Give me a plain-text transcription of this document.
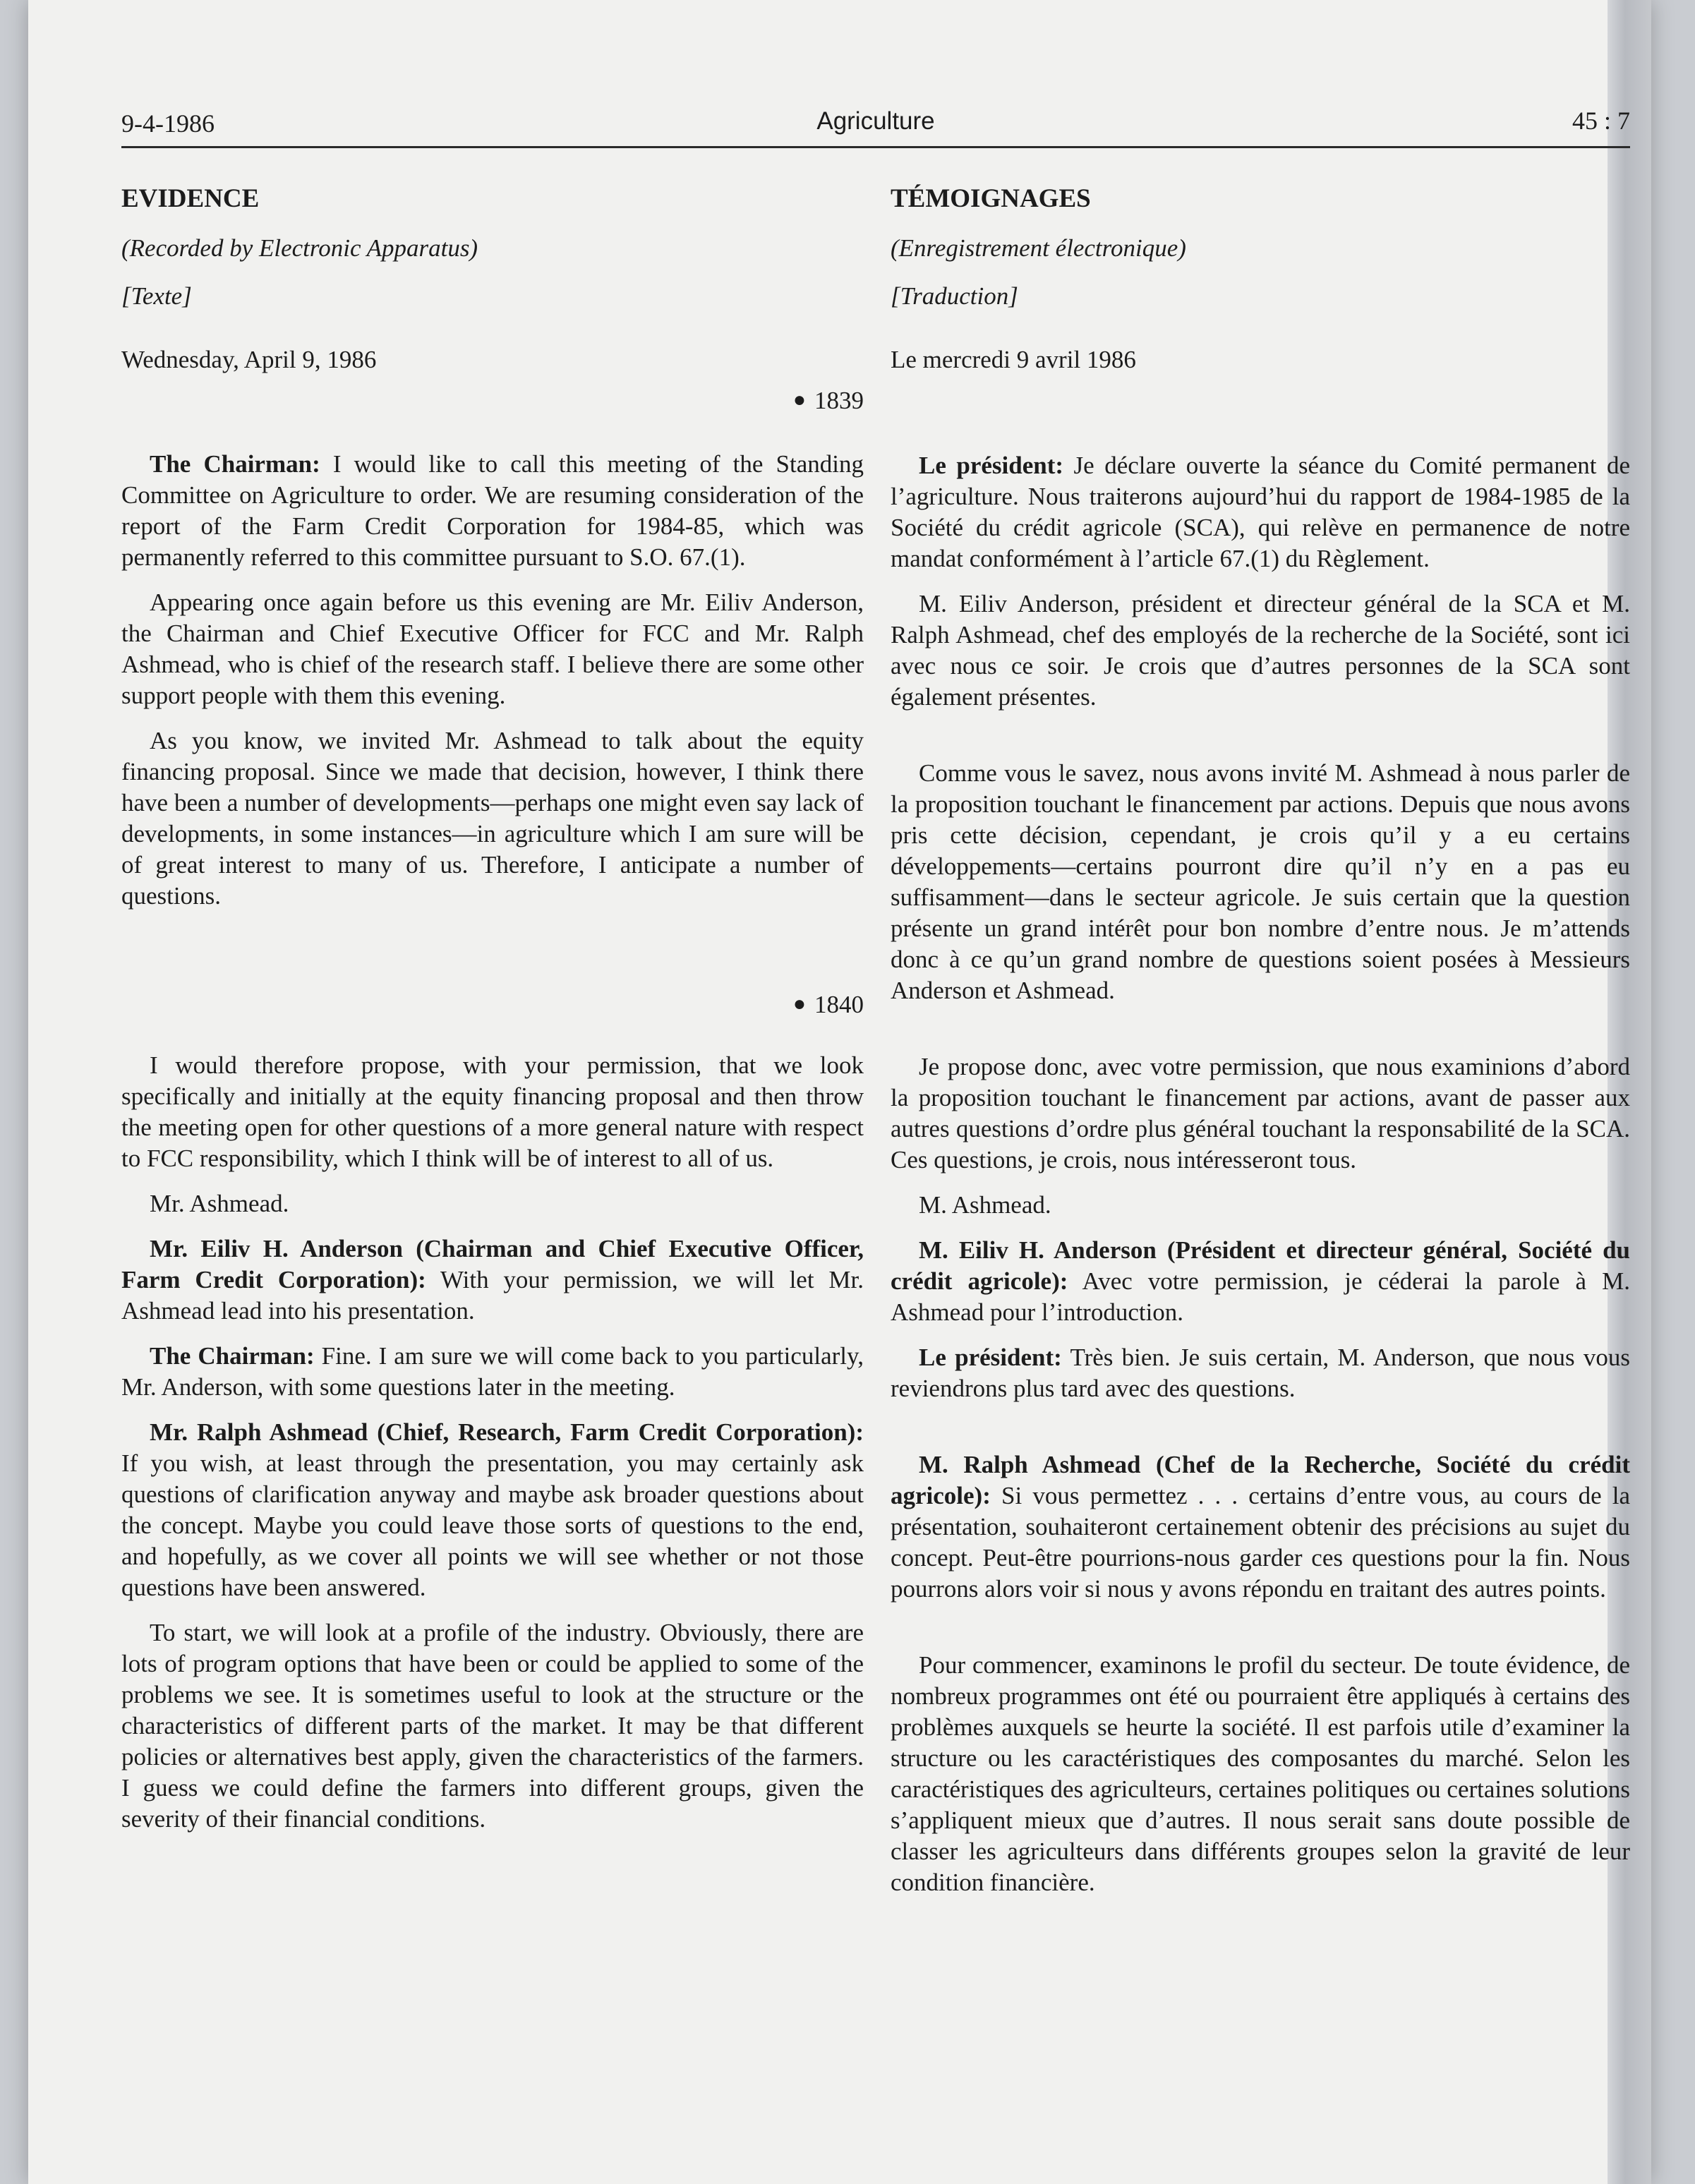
9-4-1986	Agriculture	45 : 7

EVIDENCE

(Recorded by Electronic Apparatus)

[Texte]

Wednesday, April 9, 1986

● 1839

The Chairman: I would like to call this meeting of the Standing Committee on Agriculture to order. We are resuming consideration of the report of the Farm Credit Corporation for 1984-85, which was permanently referred to this committee pursuant to S.O. 67.(1).

Appearing once again before us this evening are Mr. Eiliv Anderson, the Chairman and Chief Executive Officer for FCC and Mr. Ralph Ashmead, who is chief of the research staff. I believe there are some other support people with them this evening.

As you know, we invited Mr. Ashmead to talk about the equity financing proposal. Since we made that decision, however, I think there have been a number of developments—perhaps one might even say lack of developments, in some instances—in agriculture which I am sure will be of great interest to many of us. Therefore, I anticipate a number of questions.

● 1840

I would therefore propose, with your permission, that we look specifically and initially at the equity financing proposal and then throw the meeting open for other questions of a more general nature with respect to FCC responsibility, which I think will be of interest to all of us.

Mr. Ashmead.

Mr. Eiliv H. Anderson (Chairman and Chief Executive Officer, Farm Credit Corporation): With your permission, we will let Mr. Ashmead lead into his presentation.

The Chairman: Fine. I am sure we will come back to you particularly, Mr. Anderson, with some questions later in the meeting.

Mr. Ralph Ashmead (Chief, Research, Farm Credit Corporation): If you wish, at least through the presentation, you may certainly ask questions of clarification anyway and maybe ask broader questions about the concept. Maybe you could leave those sorts of questions to the end, and hopefully, as we cover all points we will see whether or not those questions have been answered.

To start, we will look at a profile of the industry. Obviously, there are lots of program options that have been or could be applied to some of the problems we see. It is sometimes useful to look at the structure or the characteristics of different parts of the market. It may be that different policies or alternatives best apply, given the characteristics of the farmers. I guess we could define the farmers into different groups, given the severity of their financial conditions.

TÉMOIGNAGES

(Enregistrement électronique)

[Traduction]

Le mercredi 9 avril 1986

Le président: Je déclare ouverte la séance du Comité permanent de l’agriculture. Nous traiterons aujourd’hui du rapport de 1984-1985 de la Société du crédit agricole (SCA), qui relève en permanence de notre mandat conformément à l’article 67.(1) du Règlement.

M. Eiliv Anderson, président et directeur général de la SCA et M. Ralph Ashmead, chef des employés de la recherche de la Société, sont ici avec nous ce soir. Je crois que d’autres personnes de la SCA sont également présentes.

Comme vous le savez, nous avons invité M. Ashmead à nous parler de la proposition touchant le financement par actions. Depuis que nous avons pris cette décision, cependant, je crois qu’il y a eu certains développements—certains pourront dire qu’il n’y en a pas eu suffisamment—dans le secteur agricole. Je suis certain que la question présente un grand intérêt pour bon nombre d’entre nous. Je m’attends donc à ce qu’un grand nombre de questions soient posées à Messieurs Anderson et Ashmead.

Je propose donc, avec votre permission, que nous examinions d’abord la proposition touchant le financement par actions, avant de passer aux autres questions d’ordre plus général touchant la responsabilité de la SCA. Ces questions, je crois, nous intéresseront tous.

M. Ashmead.

M. Eiliv H. Anderson (Président et directeur général, Société du crédit agricole): Avec votre permission, je céderai la parole à M. Ashmead pour l’introduction.

Le président: Très bien. Je suis certain, M. Anderson, que nous vous reviendrons plus tard avec des questions.

M. Ralph Ashmead (Chef de la Recherche, Société du crédit agricole): Si vous permettez . . . certains d’entre vous, au cours de la présentation, souhaiteront certainement obtenir des précisions au sujet du concept. Peut-être pourrions-nous garder ces questions pour la fin. Nous pourrons alors voir si nous y avons répondu en traitant des autres points.

Pour commencer, examinons le profil du secteur. De toute évidence, de nombreux programmes ont été ou pourraient être appliqués à certains des problèmes auxquels se heurte la société. Il est parfois utile d’examiner la structure ou les caractéristiques des composantes du marché. Selon les caractéristiques des agriculteurs, certaines politiques ou certaines solutions s’appliquent mieux que d’autres. Il nous serait sans doute possible de classer les agriculteurs dans différents groupes selon la gravité de leur condition financière.
